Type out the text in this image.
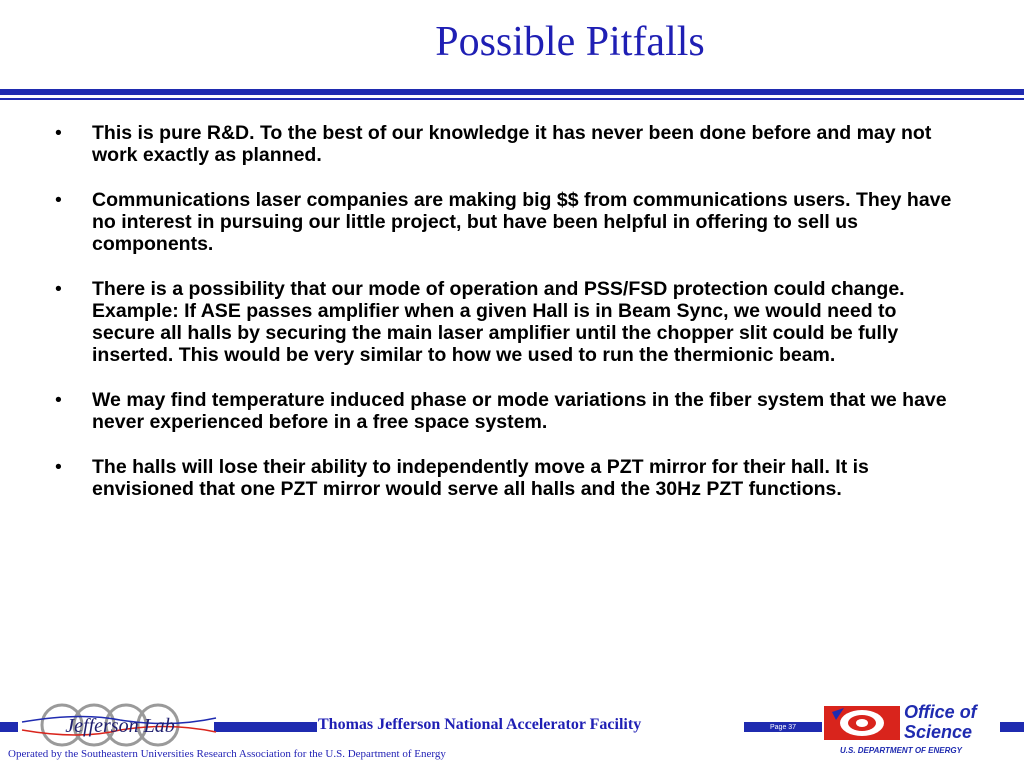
Possible Pitfalls
• This is pure R&D. To the best of our knowledge it has never been done before and may not work exactly as planned.
• Communications laser companies are making big $$ from communications users. They have no interest in pursuing our little project, but have been helpful in offering to sell us components.
• There is a possibility that our mode of operation and PSS/FSD protection could change. Example: If ASE passes amplifier when a given Hall is in Beam Sync, we would need to secure all halls by securing the main laser amplifier until the chopper slit could be fully inserted. This would be very similar to how we used to run the thermionic beam.
• We may find temperature induced phase or mode variations in the fiber system that we have never experienced before in a free space system.
• The halls will lose their ability to independently move a PZT mirror for their hall. It is envisioned that one PZT mirror would serve all halls and the 30Hz PZT functions.
Jefferson Lab	Thomas Jefferson National Accelerator Facility	Page 37
Office of
Science
U.S. DEPARTMENT OF ENERGY
Operated by the Southeastern Universities Research Association for the U.S. Department of Energy
